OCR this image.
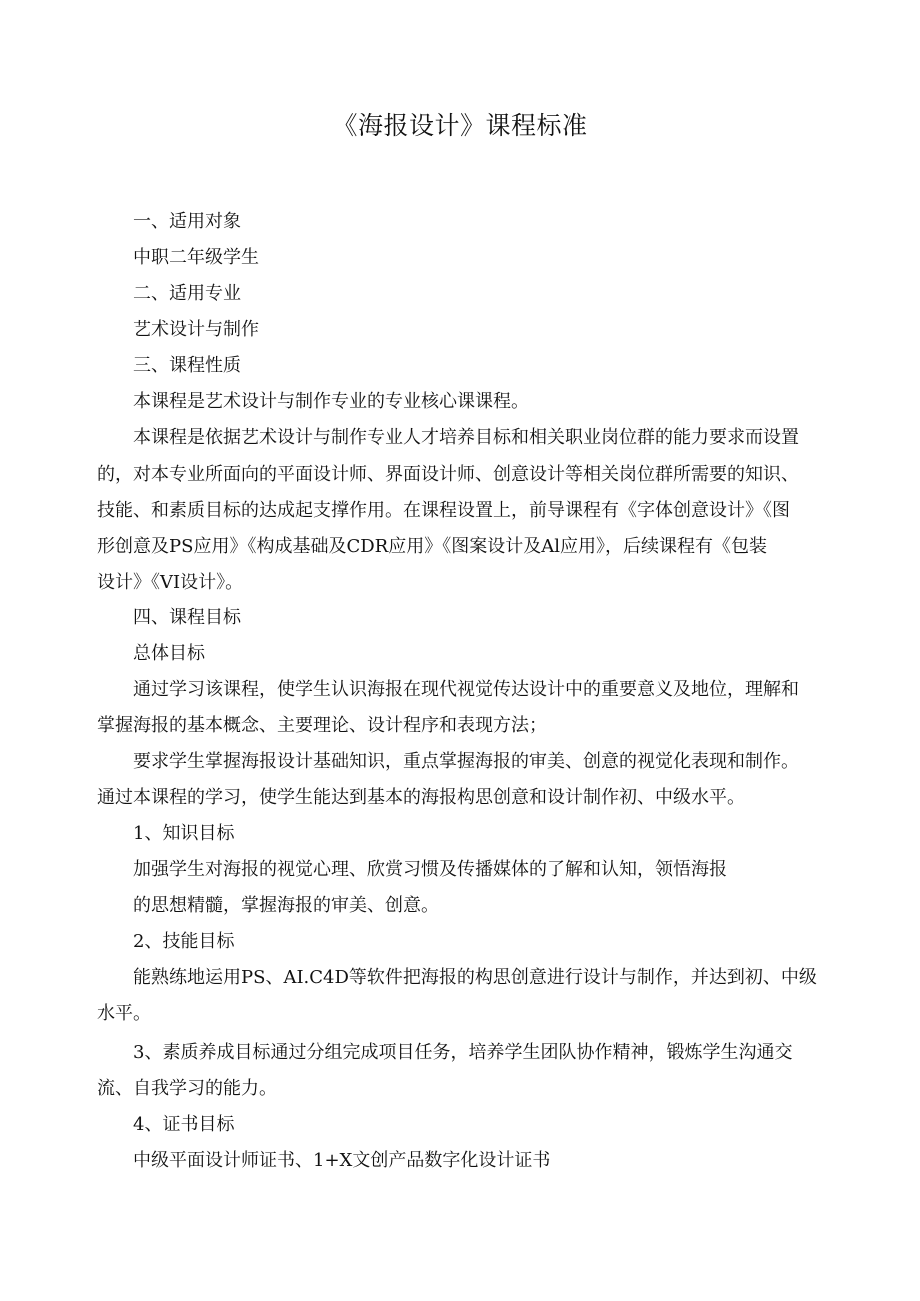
《海报设计》课程标准
一、适用对象
中职二年级学生
二、适用专业
艺术设计与制作
三、课程性质
本课程是艺术设计与制作专业的专业核心课课程。
本课程是依据艺术设计与制作专业人才培养目标和相关职业岗位群的能力要求而设置
的，对本专业所面向的平面设计师、界面设计师、创意设计等相关岗位群所需要的知识、
技能、和素质目标的达成起支撑作用。在课程设置上，前导课程有《字体创意设计》《图
形创意及PS应用》《构成基础及CDR应用》《图案设计及Al应用》，后续课程有《包装
设计》《VI设计》。
四、课程目标
总体目标
通过学习该课程，使学生认识海报在现代视觉传达设计中的重要意义及地位，理解和
掌握海报的基本概念、主要理论、设计程序和表现方法；
要求学生掌握海报设计基础知识，重点掌握海报的审美、创意的视觉化表现和制作。
通过本课程的学习，使学生能达到基本的海报构思创意和设计制作初、中级水平。
1、知识目标
加强学生对海报的视觉心理、欣赏习惯及传播媒体的了解和认知，领悟海报
的思想精髓，掌握海报的审美、创意。
2、技能目标
能熟练地运用PS、AI.C4D等软件把海报的构思创意进行设计与制作，并达到初、中级
水平。
3、素质养成目标通过分组完成项目任务，培养学生团队协作精神，锻炼学生沟通交
流、自我学习的能力。
4、证书目标
中级平面设计师证书、1+X文创产品数字化设计证书
